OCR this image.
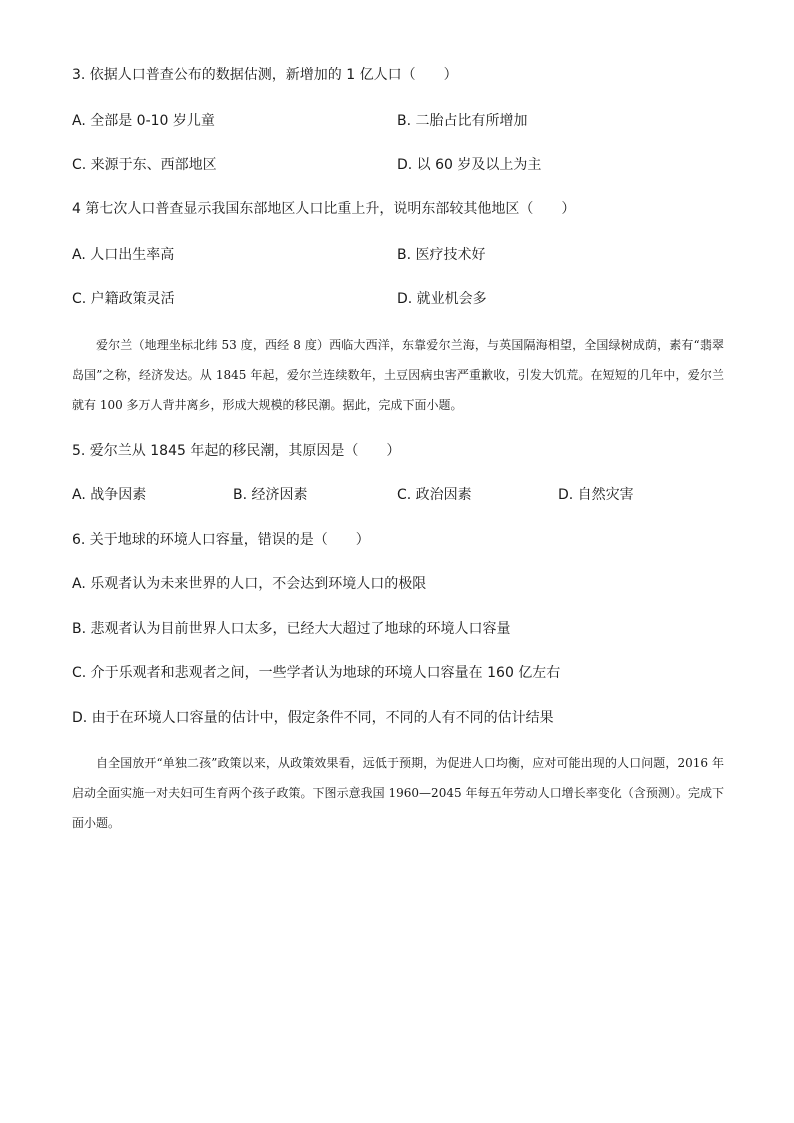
3. 依据人口普查公布的数据估测，新增加的 1 亿人口（　　）
A. 全部是 0-10 岁儿童	B. 二胎占比有所增加
C. 来源于东、西部地区	D. 以 60 岁及以上为主
4 第七次人口普查显示我国东部地区人口比重上升，说明东部较其他地区（　　）
A. 人口出生率高	B. 医疗技术好
C. 户籍政策灵活	D. 就业机会多
爱尔兰（地理坐标北纬 53 度，西经 8 度）西临大西洋，东靠爱尔兰海，与英国隔海相望，全国绿树成荫，素有“翡翠岛国”之称，经济发达。从 1845 年起，爱尔兰连续数年，土豆因病虫害严重歉收，引发大饥荒。在短短的几年中，爱尔兰就有 100 多万人背井离乡，形成大规模的移民潮。据此，完成下面小题。
5. 爱尔兰从 1845 年起的移民潮，其原因是（　　）
A. 战争因素	B. 经济因素	C. 政治因素	D. 自然灾害
6. 关于地球的环境人口容量，错误的是（　　）
A. 乐观者认为未来世界的人口，不会达到环境人口的极限
B. 悲观者认为目前世界人口太多，已经大大超过了地球的环境人口容量
C. 介于乐观者和悲观者之间，一些学者认为地球的环境人口容量在 160 亿左右
D. 由于在环境人口容量的估计中，假定条件不同，不同的人有不同的估计结果
自全国放开“单独二孩”政策以来，从政策效果看，远低于预期，为促进人口均衡，应对可能出现的人口问题，2016 年启动全面实施一对夫妇可生育两个孩子政策。下图示意我国 1960—2045 年每五年劳动人口增长率变化（含预测）。完成下面小题。
